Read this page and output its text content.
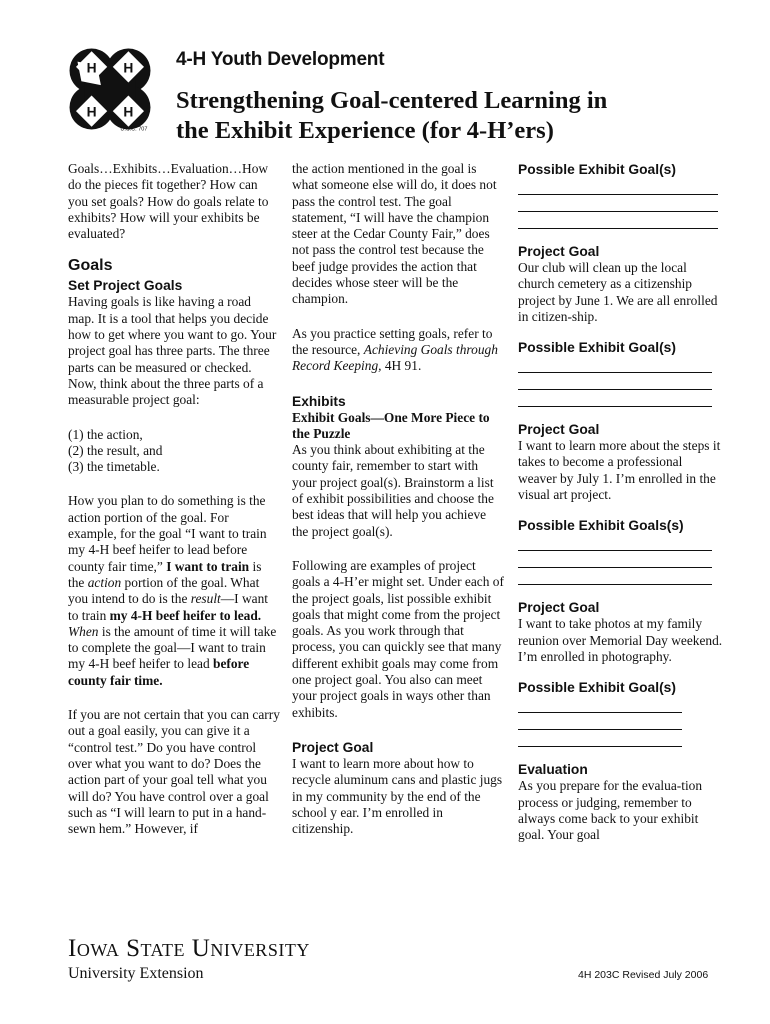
H H
H H
U.S.C. 707
4-H Youth Development
Strengthening Goal-centered Learning in
the Exhibit Experience (for 4-H’ers)

Goals…Exhibits…Evaluation…How do the pieces fit together? How can you set goals? How do goals relate to exhibits? How will your exhibits be evaluated?

Goals
Set Project Goals

Having goals is like having a road map. It is a tool that helps you decide how to get where you want to go. Your project goal has three parts. The three parts can be measured or checked. Now, think about the three parts of a measurable project goal:

(1) the action,

(2) the result, and

(3) the timetable.

How you plan to do something is the action portion of the goal. For example, for the goal “I want to train my 4-H beef heifer to lead before county fair time,” I want to train is the action portion of the goal. What you intend to do is the result—I want to train my 4-H beef heifer to lead. When is the amount of time it will take to complete the goal—I want to train my 4-H beef heifer to lead before county fair time.

If you are not certain that you can carry out a goal easily, you can give it a “control test.” Do you have control over what you want to do? Does the action part of your goal tell what you will do? You have control over a goal such as “I will learn to put in a hand-sewn hem.” However, if

the action mentioned in the goal is what someone else will do, it does not pass the control test. The goal statement, “I will have the champion steer at the Cedar County Fair,” does not pass the control test because the beef judge provides the action that decides whose steer will be the champion.

As you practice setting goals, refer to the resource, Achieving Goals through Record Keeping, 4H 91.

Exhibits

Exhibit Goals—One More Piece to the Puzzle

As you think about exhibiting at the county fair, remember to start with your project goal(s). Brainstorm a list of exhibit possibilities and choose the best ideas that will help you achieve the project goal(s).

Following are examples of project goals a 4-H’er might set. Under each of the project goals, list possible exhibit goals that might come from the project goals. As you work through that process, you can quickly see that many different exhibit goals may come from one project goal. You also can meet your project goals in ways other than exhibits.

Project Goal

I want to learn more about how to recycle aluminum cans and plastic jugs in my community by the end of the school y ear. I’m enrolled in citizenship.

Possible Exhibit Goal(s)
Project Goal

Our club will clean up the local church cemetery as a citizenship project by June 1. We are all enrolled in citizen-ship.

Possible Exhibit Goal(s)
Project Goal

I want to learn more about the steps it takes to become a professional weaver by July 1. I’m enrolled in the visual art project.

Possible Exhibit Goals(s)
Project Goal

I want to take photos at my family reunion over Memorial Day weekend. I’m enrolled in photography.

Possible Exhibit Goal(s)
Evaluation

As you prepare for the evalua-tion process or judging, remember to always come back to your exhibit goal. Your goal

Iowa State University
University Extension	4H 203C Revised July 2006
